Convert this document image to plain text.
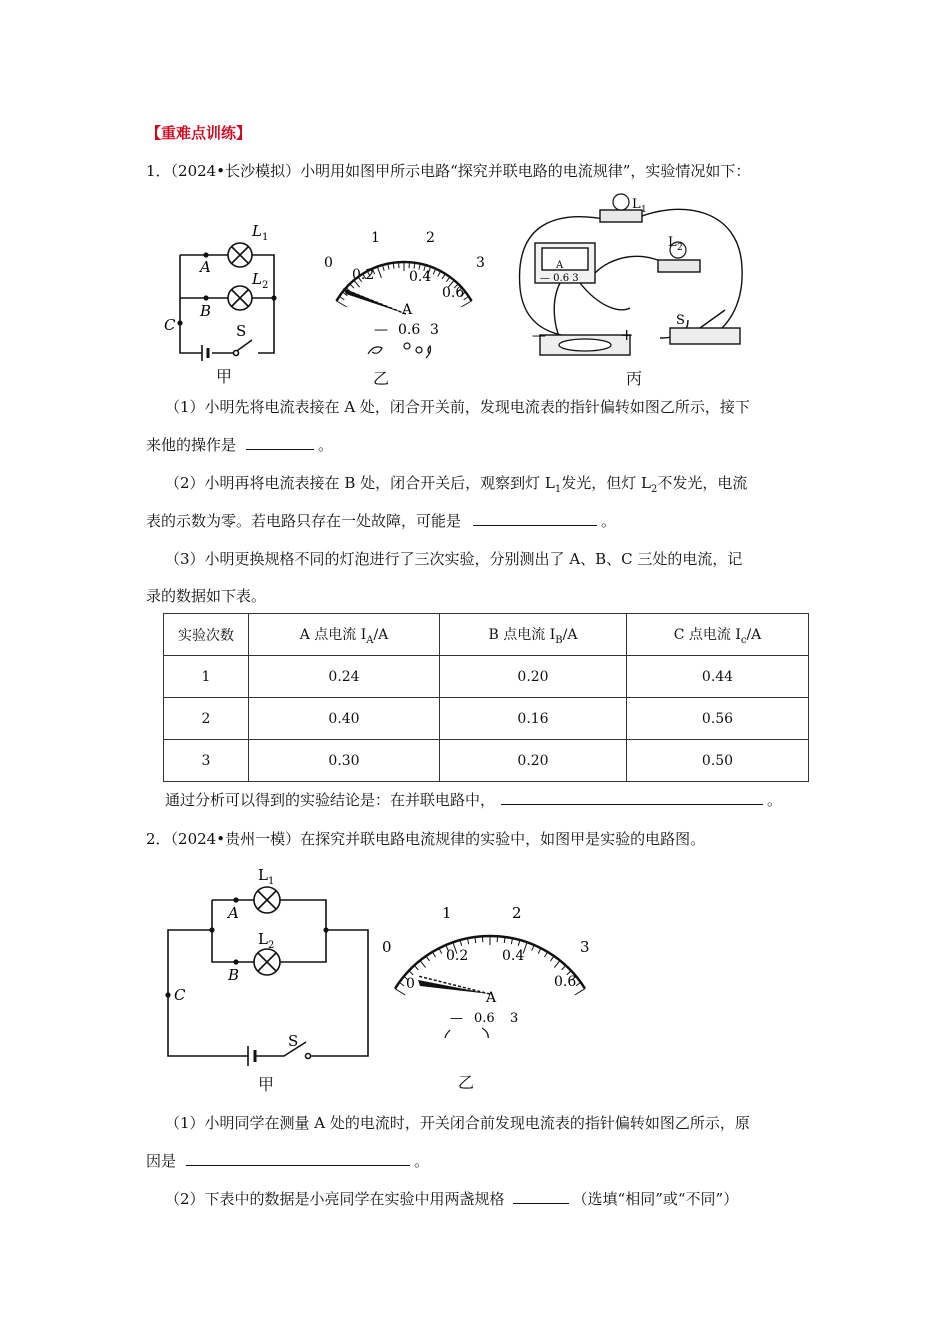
【重难点训练】
1．（2024•长沙模拟）小明用如图甲所示电路“探究并联电路的电流规律”，实验情况如下：
L 1
L 2
A
B
C	S
甲
0
1	2
3
0.2 0.4
0.6
A
— 0.6 3
乙
L 1
L 2
A
— 0.6 3
S
—	+
丙
（1）小明先将电流表接在 A 处，闭合开关前，发现电流表的指针偏转如图乙所示，接下
来他的操作是	。
（2）小明再将电流表接在 B 处，闭合开关后，观察到灯 $L_1$发光，但灯 $L_2$不发光，电流
表的示数为零。若电路只存在一处故障，可能是	。
（3）小明更换规格不同的灯泡进行了三次实验，分别测出了 A、B、C 三处的电流，记
录的数据如下表。
实验次数	A 点电流 $I_A/A$	B 点电流 $I_B/A$	C 点电流 $I_c/A$
1	0.24	0.20	0.44
2	0.40	0.16	0.56
3	0.30	0.20	0.50
通过分析可以得到的实验结论是：在并联电路中，	。
2．（2024•贵州一模）在探究并联电路电流规律的实验中，如图甲是实验的电路图。
L 1
L 2
A
B
C
S
甲
0
1	2
3
0.2 0.4
0.6
0
A
— 0.6 3
乙
（1）小明同学在测量 A 处的电流时，开关闭合前发现电流表的指针偏转如图乙所示，原
因是	。
（2）下表中的数据是小亮同学在实验中用两盏规格	（选填“相同”或“不同”）
